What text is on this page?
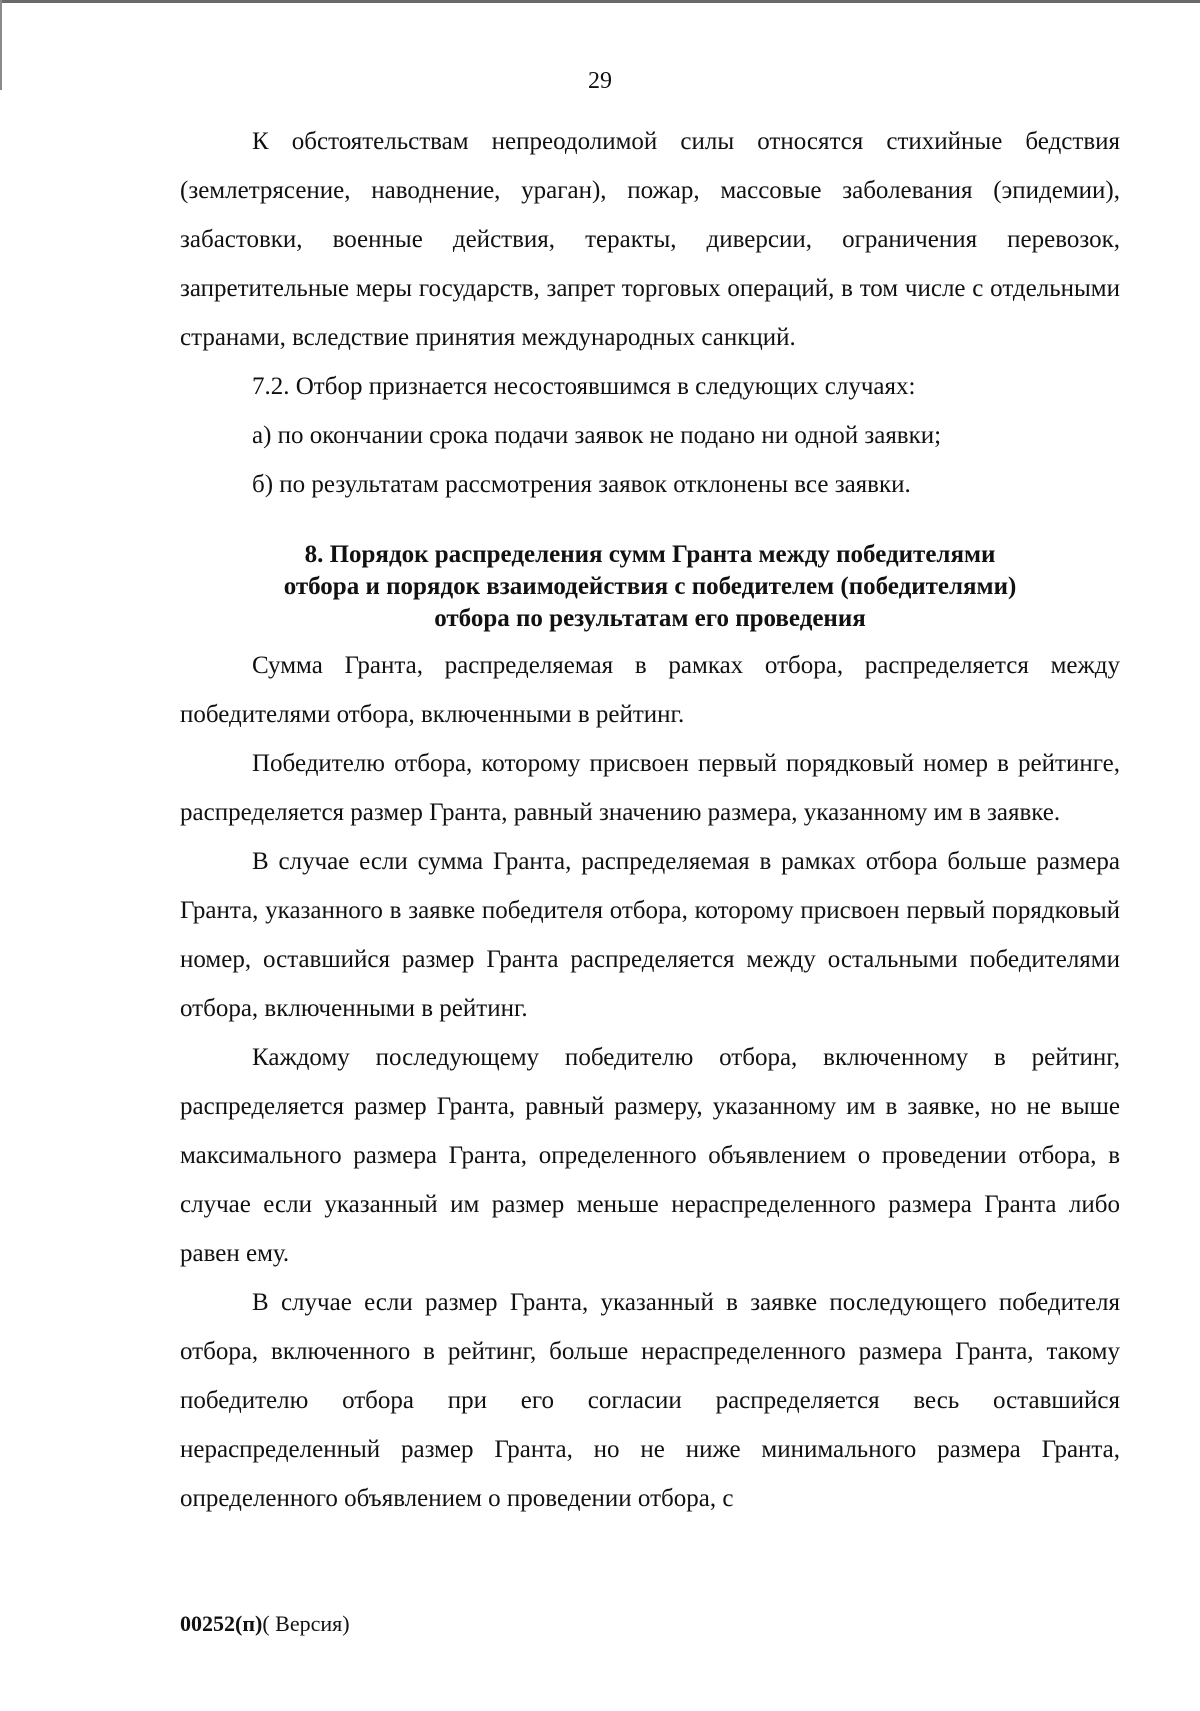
29

К обстоятельствам непреодолимой силы относятся стихийные бедствия (землетрясение, наводнение, ураган), пожар, массовые заболевания (эпидемии), забастовки, военные действия, теракты, диверсии, ограничения перевозок, запретительные меры государств, запрет торговых операций, в том числе с отдельными странами, вследствие принятия международных санкций.

7.2. Отбор признается несостоявшимся в следующих случаях:

а) по окончании срока подачи заявок не подано ни одной заявки;

б) по результатам рассмотрения заявок отклонены все заявки.

8. Порядок распределения сумм Гранта между победителями
отбора и порядок взаимодействия с победителем (победителями)
отбора по результатам его проведения

Сумма Гранта, распределяемая в рамках отбора, распределяется между победителями отбора, включенными в рейтинг.

Победителю отбора, которому присвоен первый порядковый номер в рейтинге, распределяется размер Гранта, равный значению размера, указанному им в заявке.

В случае если сумма Гранта, распределяемая в рамках отбора больше размера Гранта, указанного в заявке победителя отбора, которому присвоен первый порядковый номер, оставшийся размер Гранта распределяется между остальными победителями отбора, включенными в рейтинг.

Каждому последующему победителю отбора, включенному в рейтинг, распределяется размер Гранта, равный размеру, указанному им в заявке, но не выше максимального размера Гранта, определенного объявлением о проведении отбора, в случае если указанный им размер меньше нераспределенного размера Гранта либо равен ему.

В случае если размер Гранта, указанный в заявке последующего победителя отбора, включенного в рейтинг, больше нераспределенного размера Гранта, такому победителю отбора при его согласии распределяется весь оставшийся нераспределенный размер Гранта, но не ниже минимального размера Гранта, определенного объявлением о проведении отбора, с

00252(п)( Версия)
